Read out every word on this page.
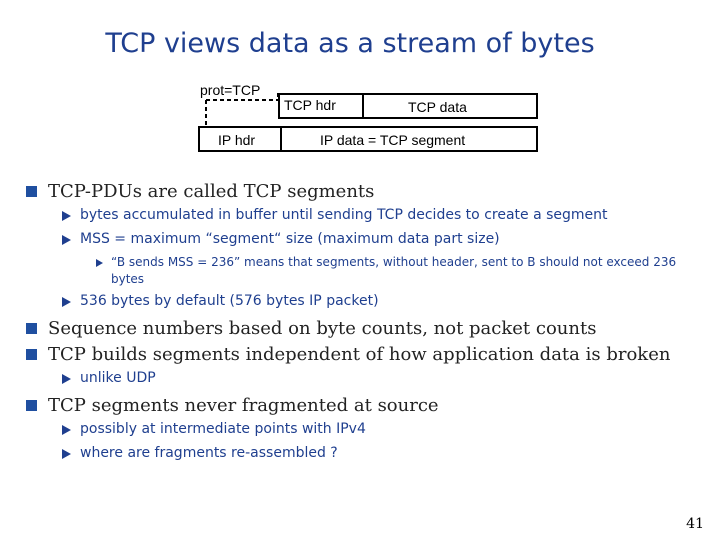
TCP views data as a stream of bytes
prot=TCP
TCP hdr	TCP data
IP hdr	IP data = TCP segment
TCP-PDUs are called TCP segments
bytes accumulated in buffer until sending TCP decides to create a segment
MSS = maximum “segment“ size (maximum data part size)
“B sends MSS = 236” means that segments, without header, sent to B should not exceed 236 bytes
536 bytes by default (576 bytes IP packet)
Sequence numbers based on byte counts, not packet counts
TCP builds segments independent of how application data is broken
unlike UDP
TCP segments never fragmented at source
possibly at intermediate points with IPv4
where are fragments re-assembled ?
41
